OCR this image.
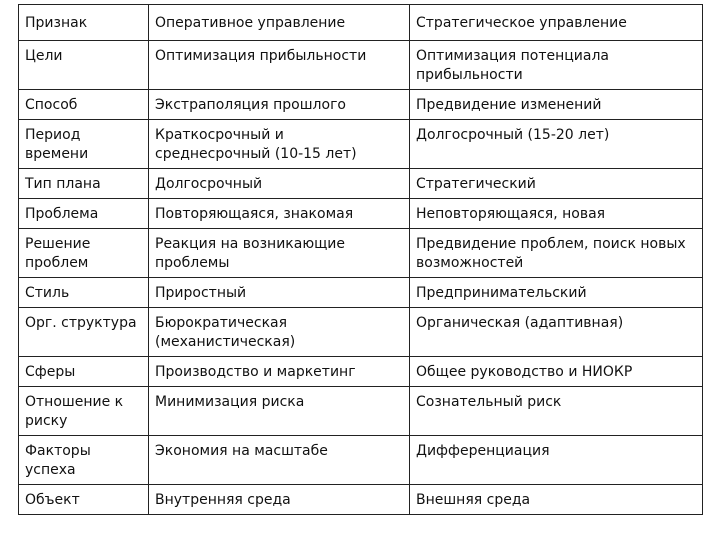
Признак	Оперативное управление	Стратегическое управление
Цели	Оптимизация прибыльности	Оптимизация потенциала прибыльности
Способ	Экстраполяция прошлого	Предвидение изменений
Период времени	Краткосрочный и среднесрочный (10-15 лет)	Долгосрочный (15-20 лет)
Тип плана	Долгосрочный	Стратегический
Проблема	Повторяющаяся, знакомая	Неповторяющаяся, новая
Решение проблем	Реакция на возникающие проблемы	Предвидение проблем, поиск новых возможностей
Стиль	Приростный	Предпринимательский
Орг. структура	Бюрократическая (механистическая)	Органическая (адаптивная)
Сферы	Производство и маркетинг	Общее руководство и НИОКР
Отношение к риску	Минимизация риска	Сознательный риск
Факторы успеха	Экономия на масштабе	Дифференциация
Объект	Внутренняя среда	Внешняя среда
